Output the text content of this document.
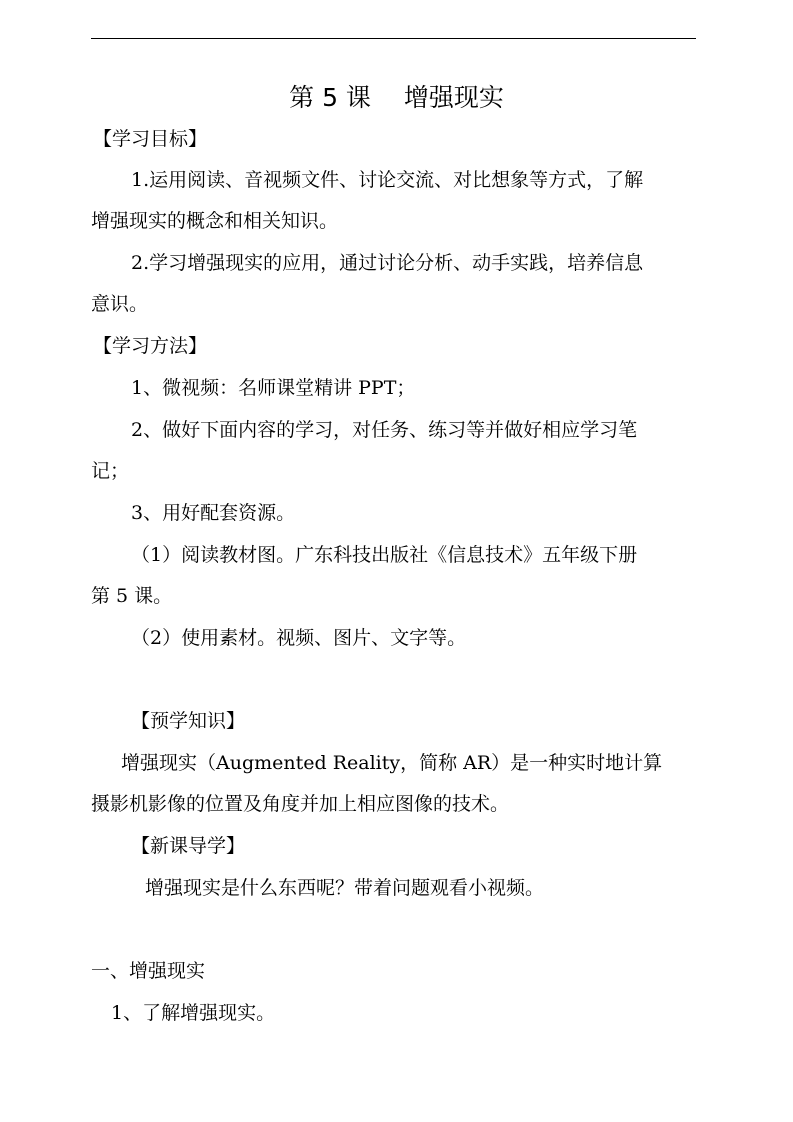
第 5 课　 增强现实
【学习目标】
1.运用阅读、音视频文件、讨论交流、对比想象等方式，了解
增强现实的概念和相关知识。
2.学习增强现实的应用，通过讨论分析、动手实践，培养信息
意识。
【学习方法】
1、微视频：名师课堂精讲 PPT；
2、做好下面内容的学习，对任务、练习等并做好相应学习笔
记；
3、用好配套资源。
（1）阅读教材图。广东科技出版社《信息技术》五年级下册
第 5 课。
（2）使用素材。视频、图片、文字等。
【预学知识】
增强现实（Augmented Reality，简称 AR）是一种实时地计算
摄影机影像的位置及角度并加上相应图像的技术。
【新课导学】
增强现实是什么东西呢？带着问题观看小视频。
一、增强现实
1、了解增强现实。
